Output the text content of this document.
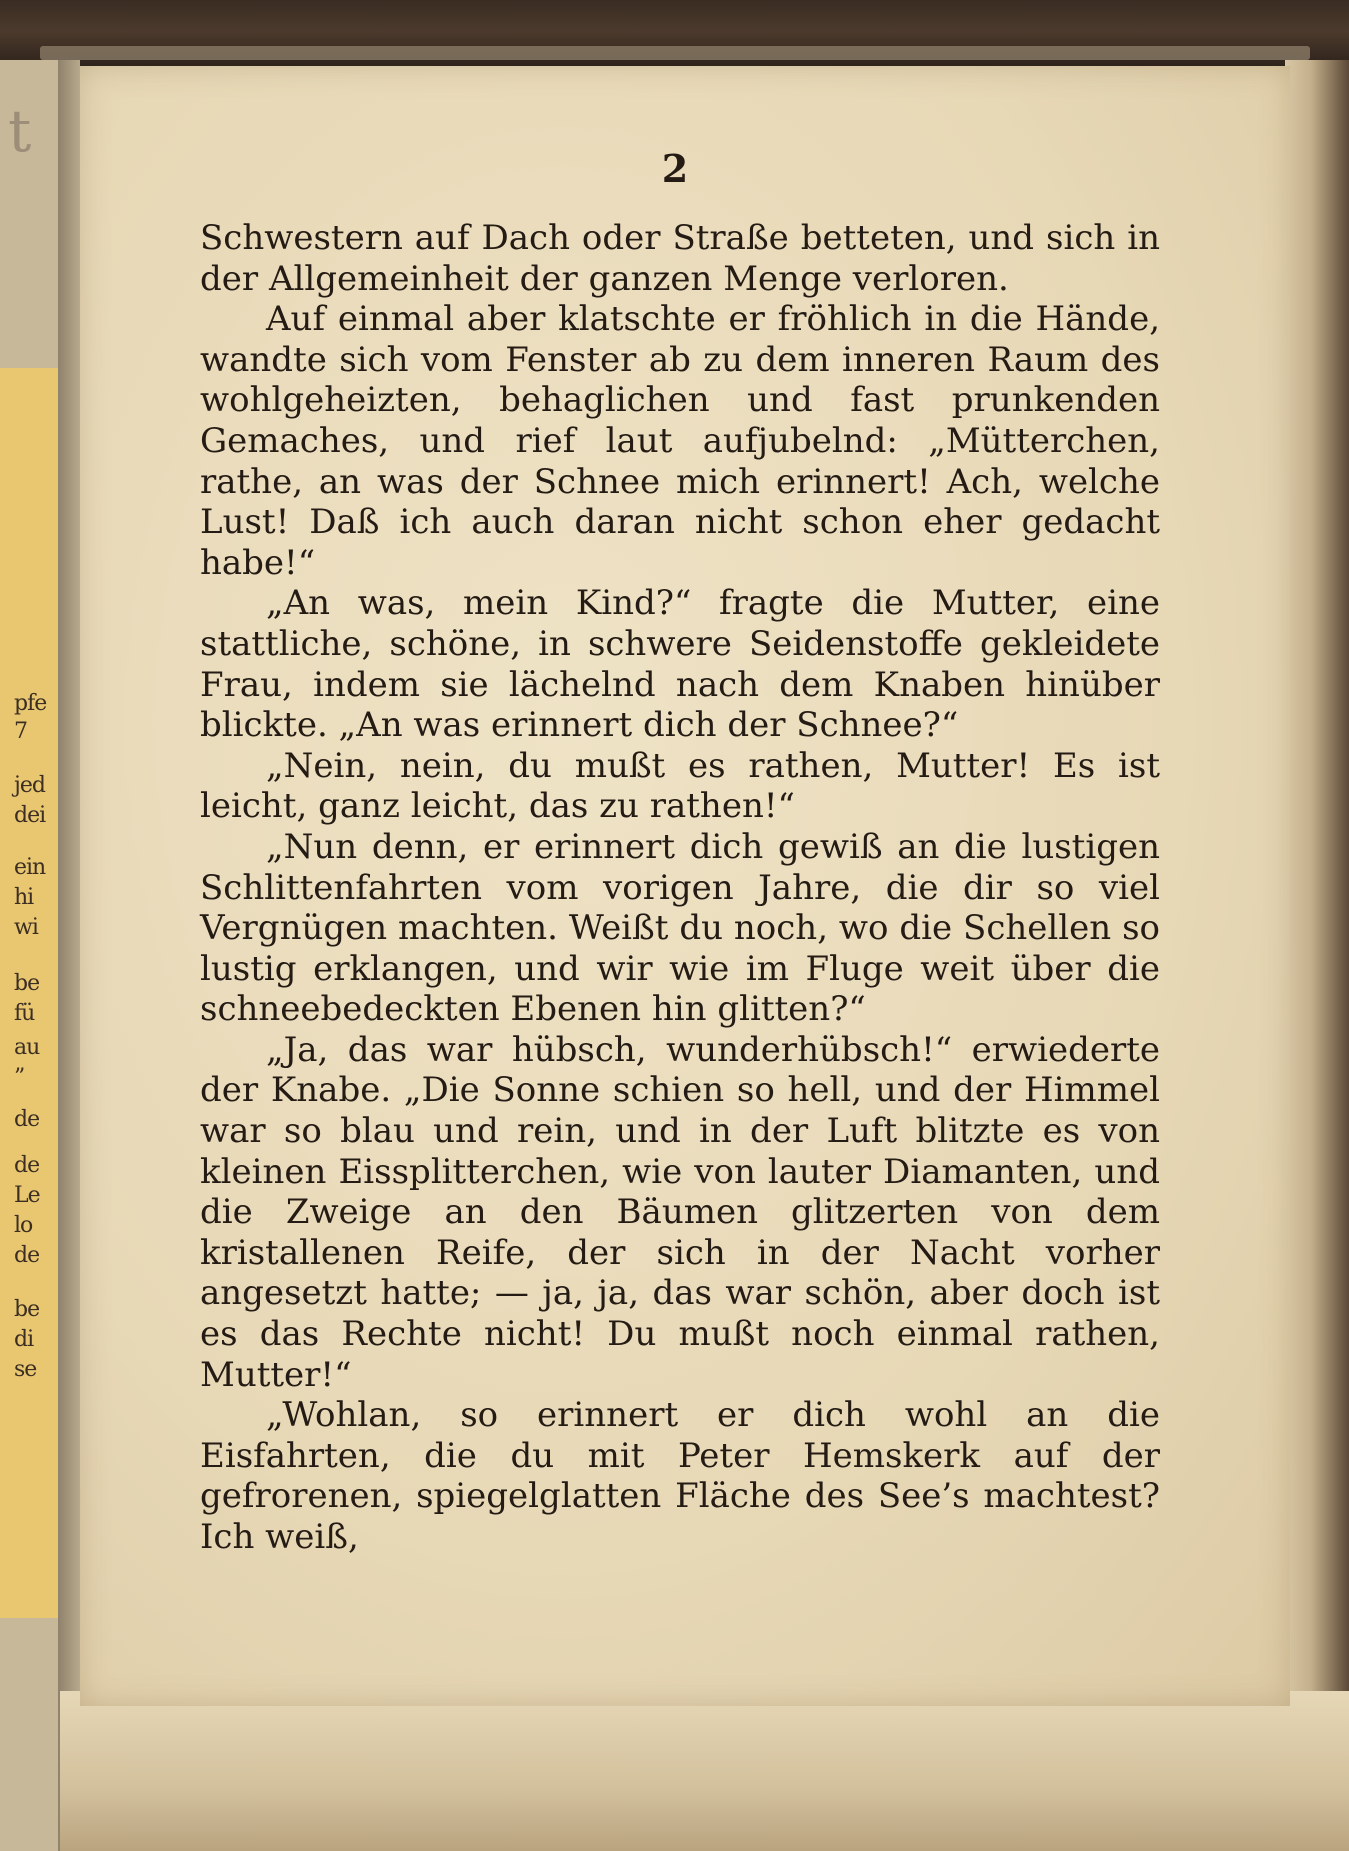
t
pfe
7
jed
dei
ein
hi
wi
be
fü
au
”
de
de
Le
lo
de
be
di
se
2

Schwestern auf Dach oder Straße betteten, und sich in der Allgemeinheit der ganzen Menge verloren.

Auf einmal aber klatschte er fröhlich in die Hände, wandte sich vom Fenster ab zu dem inneren Raum des wohlgeheizten, behaglichen und fast prunkenden Gemaches, und rief laut aufjubelnd: „Mütterchen, rathe, an was der Schnee mich erinnert! Ach, welche Lust! Daß ich auch daran nicht schon eher gedacht habe!“

„An was, mein Kind?“ fragte die Mutter, eine stattliche, schöne, in schwere Seidenstoffe gekleidete Frau, indem sie lächelnd nach dem Knaben hinüber blickte. „An was erinnert dich der Schnee?“

„Nein, nein, du mußt es rathen, Mutter! Es ist leicht, ganz leicht, das zu rathen!“

„Nun denn, er erinnert dich gewiß an die lustigen Schlittenfahrten vom vorigen Jahre, die dir so viel Vergnügen machten. Weißt du noch, wo die Schellen so lustig erklangen, und wir wie im Fluge weit über die schneebedeckten Ebenen hin glitten?“

„Ja, das war hübsch, wunderhübsch!“ erwiederte der Knabe. „Die Sonne schien so hell, und der Himmel war so blau und rein, und in der Luft blitzte es von kleinen Eissplitterchen, wie von lauter Diamanten, und die Zweige an den Bäumen glitzerten von dem kristallenen Reife, der sich in der Nacht vorher angesetzt hatte; — ja, ja, das war schön, aber doch ist es das Rechte nicht! Du mußt noch einmal rathen, Mutter!“

„Wohlan, so erinnert er dich wohl an die Eisfahrten, die du mit Peter Hemskerk auf der gefrorenen, spiegelglatten Fläche des See’s machtest? Ich weiß,
